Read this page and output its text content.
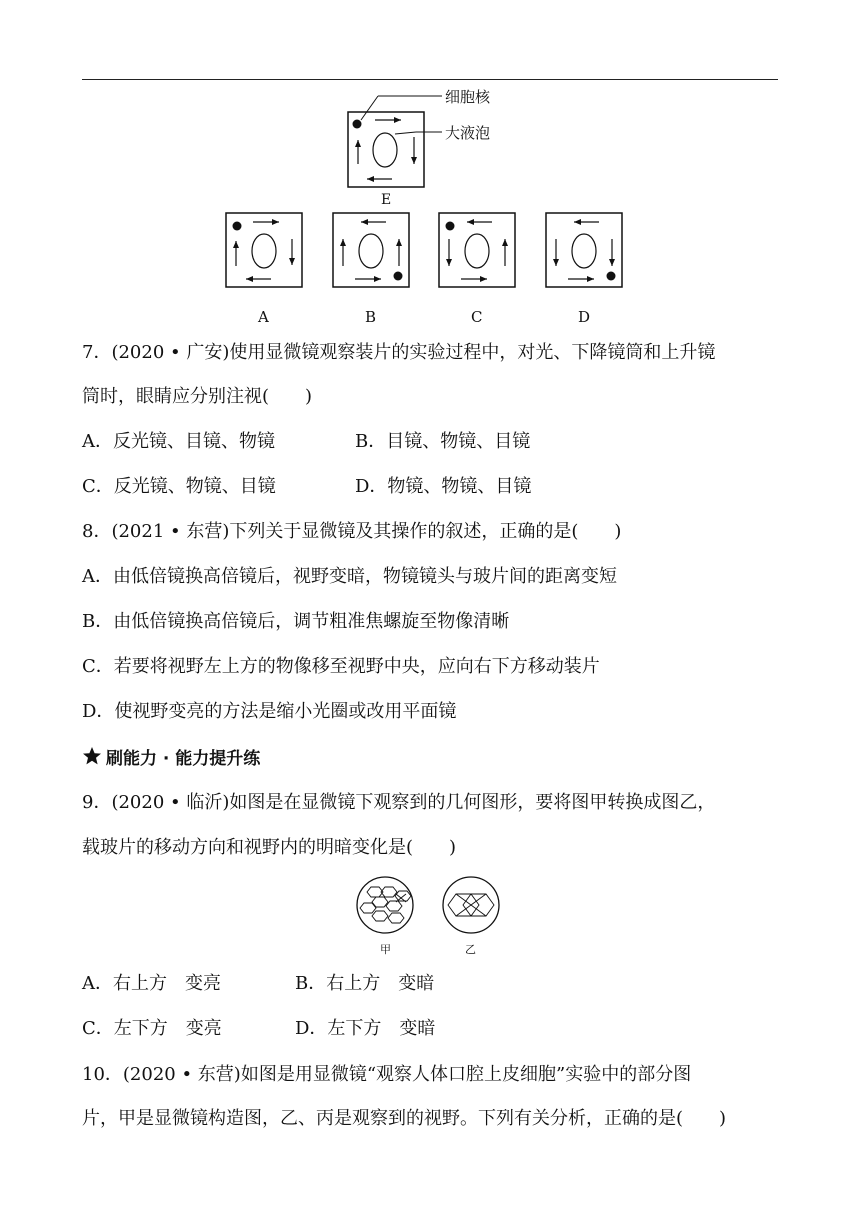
细胞核
大液泡
E
A	B	C	D
7．(2020 • 广安)使用显微镜观察装片的实验过程中，对光、下降镜筒和上升镜
筒时，眼睛应分别注视(　　)
A．反光镜、目镜、物镜	B．目镜、物镜、目镜
C．反光镜、物镜、目镜	D．物镜、物镜、目镜
8．(2021 • 东营)下列关于显微镜及其操作的叙述，正确的是(　　)
A．由低倍镜换高倍镜后，视野变暗，物镜镜头与玻片间的距离变短
B．由低倍镜换高倍镜后，调节粗准焦螺旋至物像清晰
C．若要将视野左上方的物像移至视野中央，应向右下方移动装片
D．使视野变亮的方法是缩小光圈或改用平面镜
刷能力 · 能力提升练
9．(2020 • 临沂)如图是在显微镜下观察到的几何图形，要将图甲转换成图乙，
载玻片的移动方向和视野内的明暗变化是(　　)
甲	乙
A．右上方　变亮	B．右上方　变暗
C．左下方　变亮	D．左下方　变暗
10．(2020 • 东营)如图是用显微镜“观察人体口腔上皮细胞”实验中的部分图
片，甲是显微镜构造图，乙、丙是观察到的视野。下列有关分析，正确的是(　　)
